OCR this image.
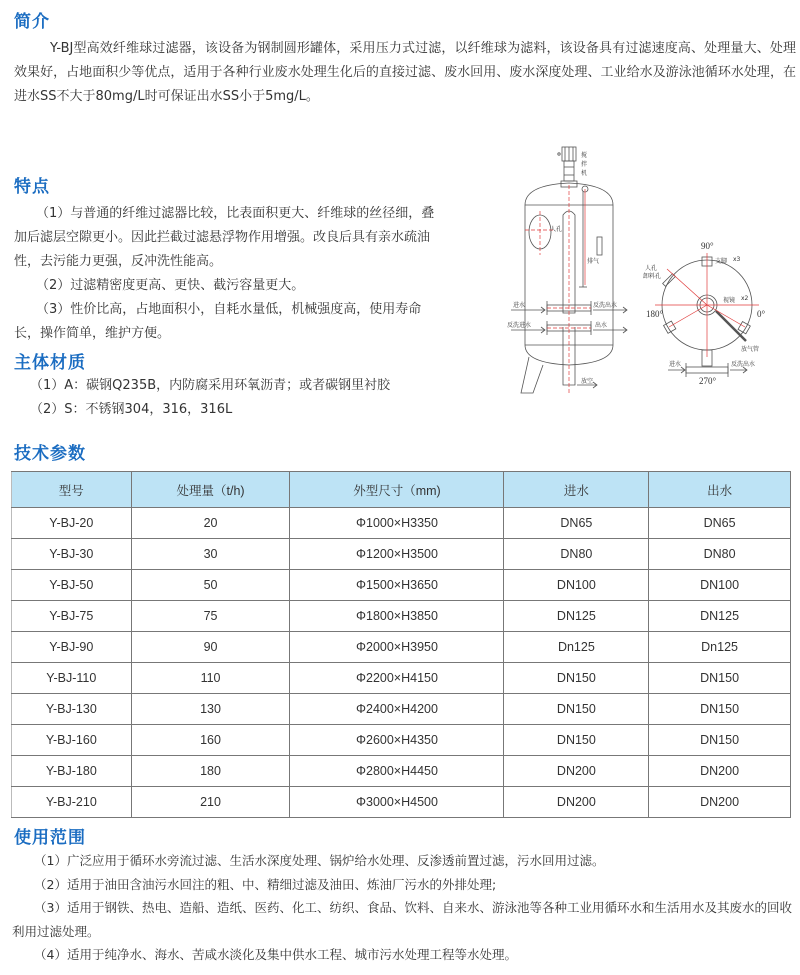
简介
Y-BJ型高效纤维球过滤器，该设备为钢制圆形罐体，采用压力式过滤，以纤维球为滤料，该设备具有过滤速度高、处理量大、处理效果好，占地面积少等优点，适用于各种行业废水处理生化后的直接过滤、废水回用、废水深度处理、工业给水及游泳池循环水处理，在进水SS不大于80mg/L时可保证出水SS小于5mg/L。
特点
（1）与普通的纤维过滤器比较，比表面积更大、纤维球的丝径细，叠加后滤层空隙更小。因此拦截过滤悬浮物作用增强。改良后具有亲水疏油性，去污能力更强，反冲洗性能高。
（2）过滤精密度更高、更快、截污容量更大。
（3）性价比高，占地面积小，自耗水量低，机械强度高，使用寿命长，操作简单，维护方便。
主体材质
（1）A：碳钢Q235B，内防腐采用环氧沥青；或者碳钢里衬胶
（2）S：不锈钢304，316，316L
技术参数
型号	处理量（t/h)	外型尺寸（mm)	进水	出水
Y-BJ-20	20	Φ1000×H3350	DN65	DN65
Y-BJ-30	30	Φ1200×H3500	DN80	DN80
Y-BJ-50	50	Φ1500×H3650	DN100	DN100
Y-BJ-75	75	Φ1800×H3850	DN125	DN125
Y-BJ-90	90	Φ2000×H3950	Dn125	Dn125
Y-BJ-110	110	Φ2200×H4150	DN150	DN150
Y-BJ-130	130	Φ2400×H4200	DN150	DN150
Y-BJ-160	160	Φ2600×H4350	DN150	DN150
Y-BJ-180	180	Φ2800×H4450	DN200	DN200
Y-BJ-210	210	Φ3000×H4500	DN200	DN200
搅
拌
机
人孔
排气
进水	反洗出水
反洗进水	出水
放空
90°
180°	0°
270°
支脚 x3
人孔
卸料孔
视镜 x2
放气管
进水	反洗出水
使用范围
（1）广泛应用于循环水旁流过滤、生活水深度处理、锅炉给水处理、反渗透前置过滤，污水回用过滤。
（2）适用于油田含油污水回注的粗、中、精细过滤及油田、炼油厂污水的外排处理;
（3）适用于钢铁、热电、造船、造纸、医药、化工、纺织、食品、饮料、自来水、游泳池等各种工业用循环水和生活用水及其废水的回收利用过滤处理。
（4）适用于纯净水、海水、苦咸水淡化及集中供水工程、城市污水处理工程等水处理。
